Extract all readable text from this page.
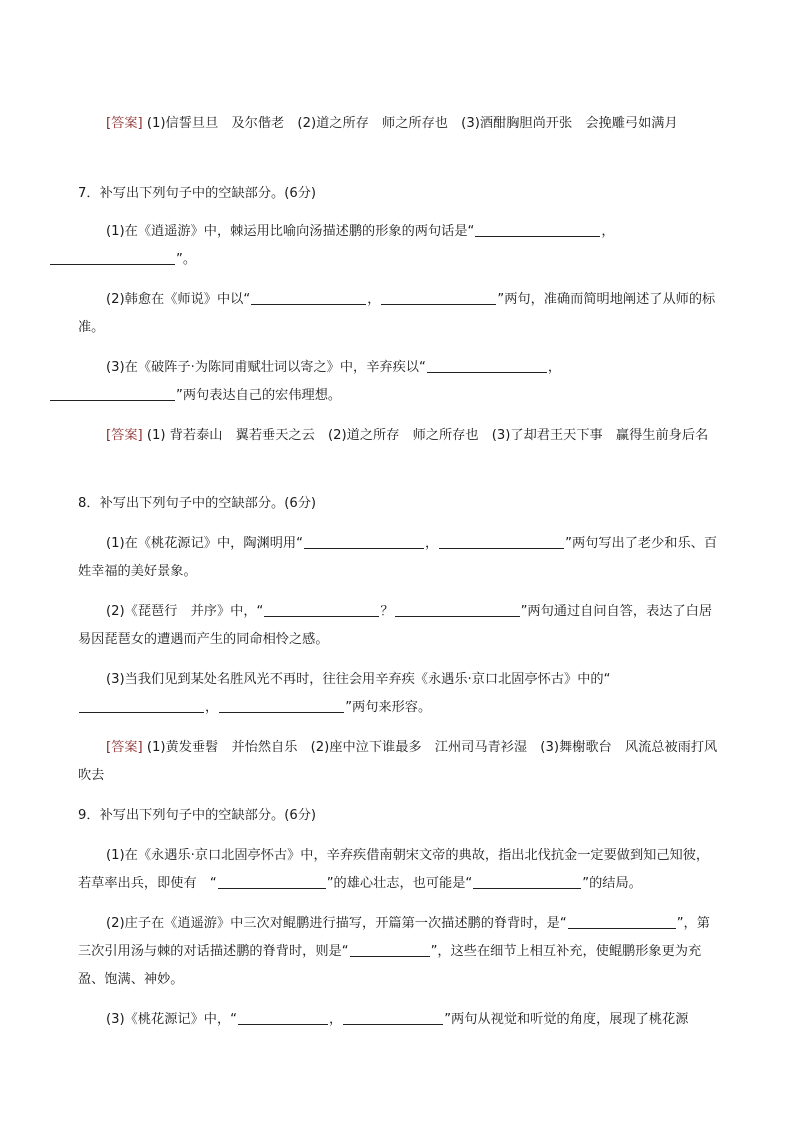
[答案] (1)信誓旦旦　及尔偕老　(2)道之所存　师之所存也　(3)酒酣胸胆尚开张　会挽雕弓如满月
7．补写出下列句子中的空缺部分。(6分)
(1)在《逍遥游》中，棘运用比喻向汤描述鹏的形象的两句话是“	，
”。
(2)韩愈在《师说》中以“	，	”两句，准确而简明地阐述了从师的标准。
(3)在《破阵子·为陈同甫赋壮词以寄之》中，辛弃疾以“	，
”两句表达自己的宏伟理想。
[答案] (1) 背若泰山　翼若垂天之云　(2)道之所存　师之所存也　(3)了却君王天下事　赢得生前身后名
8．补写出下列句子中的空缺部分。(6分)
(1)在《桃花源记》中，陶渊明用“	，	”两句写出了老少和乐、百姓幸福的美好景象。
(2)《琵琶行　并序》中，“	？	”两句通过自问自答，表达了白居易因琵琶女的遭遇而产生的同命相怜之感。
(3)当我们见到某处名胜风光不再时，往往会用辛弃疾《永遇乐·京口北固亭怀古》中的“，	”两句来形容。
[答案] (1)黄发垂髫　并怡然自乐　(2)座中泣下谁最多　江州司马青衫湿　(3)舞榭歌台　风流总被雨打风吹去
9．补写出下列句子中的空缺部分。(6分)
(1)在《永遇乐·京口北固亭怀古》中，辛弃疾借南朝宋文帝的典故，指出北伐抗金一定要做到知己知彼，若草率出兵，即使有　“	”的雄心壮志，也可能是“	”的结局。
(2)庄子在《逍遥游》中三次对鲲鹏进行描写，开篇第一次描述鹏的脊背时，是“	”，第三次引用汤与棘的对话描述鹏的脊背时，则是“	”，这些在细节上相互补充，使鲲鹏形象更为充盈、饱满、神妙。
(3)《桃花源记》中，“	，	”两句从视觉和听觉的角度，展现了桃花源
